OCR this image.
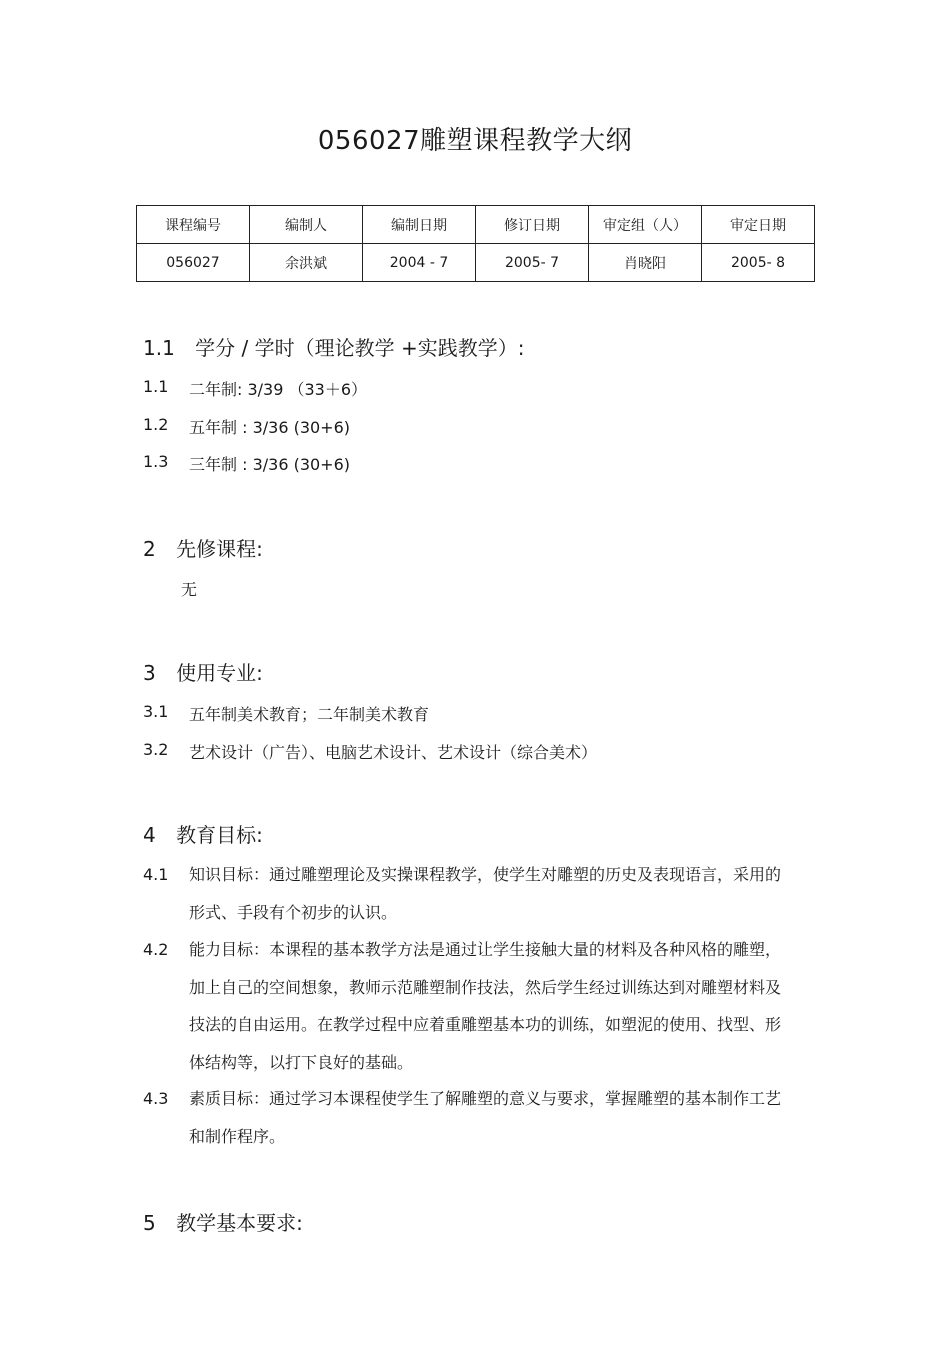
056027雕塑课程教学大纲
课程编号	编制人	编制日期	修订日期	审定组（人）	审定日期
056027	余洪斌	2004 - 7	2005- 7	肖晓阳	2005- 8
1.1 学分 / 学时（理论教学 +实践教学）:
1.1 二年制: 3/39 （33＋6）
1.2 五年制 : 3/36 (30+6)
1.3 三年制 : 3/36 (30+6)
2 先修课程:
无
3 使用专业:
3.1 五年制美术教育；二年制美术教育
3.2 艺术设计（广告）、电脑艺术设计、艺术设计（综合美术）
4 教育目标:
4.1 知识目标：通过雕塑理论及实操课程教学，使学生对雕塑的历史及表现语言，采用的形式、手段有个初步的认识。
4.2 能力目标：本课程的基本教学方法是通过让学生接触大量的材料及各种风格的雕塑，加上自己的空间想象，教师示范雕塑制作技法，然后学生经过训练达到对雕塑材料及技法的自由运用。在教学过程中应着重雕塑基本功的训练，如塑泥的使用、找型、形体结构等，以打下良好的基础。
4.3 素质目标：通过学习本课程使学生了解雕塑的意义与要求，掌握雕塑的基本制作工艺和制作程序。
5 教学基本要求:
